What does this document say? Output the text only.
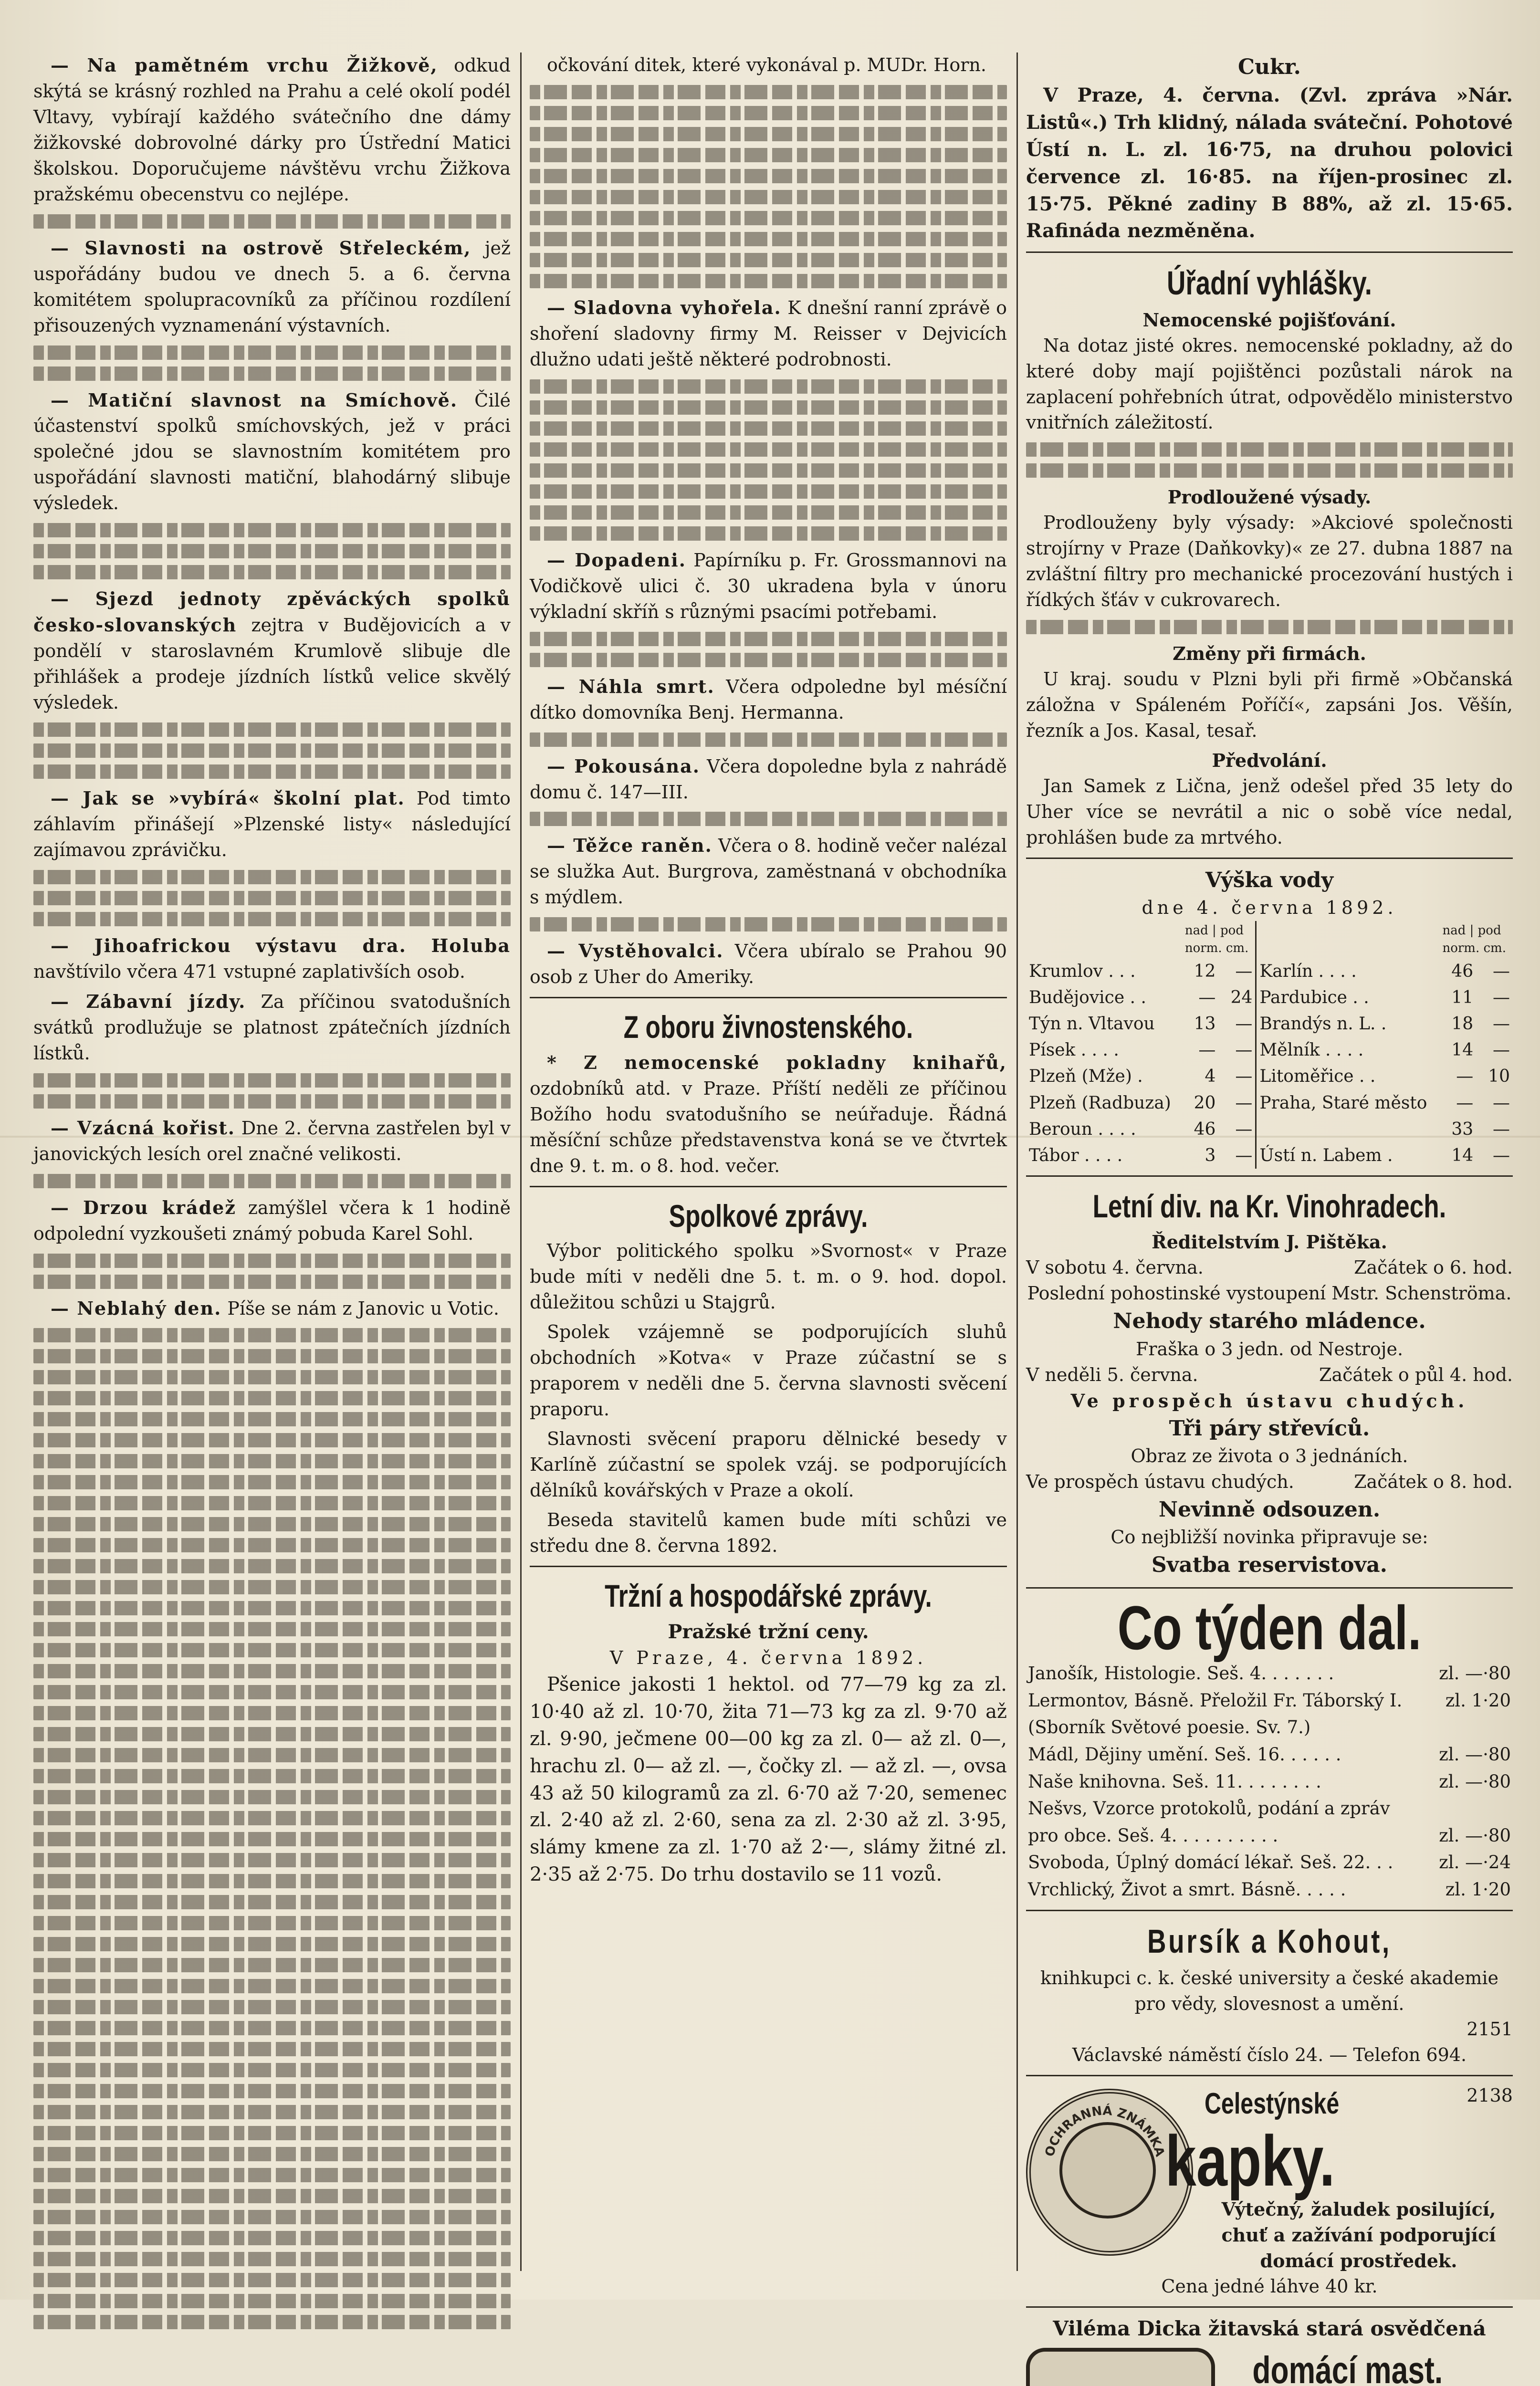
— Na pamětném vrchu Žižkově, odkud skýtá se krásný rozhled na Prahu a celé okolí podél Vltavy, vybírají každého svátečního dne dámy žižkovské dobrovolné dárky pro Ústřední Matici školskou. Doporučujeme návštěvu vrchu Žižkova pražskému obecenstvu co nejlépe.

— Slavnosti na ostrově Střeleckém, jež uspořádány budou ve dnech 5. a 6. června komitétem spolupracovníků za příčinou rozdílení přisouzených vyznamenání výstavních.

— Matiční slavnost na Smíchově. Čilé účastenství spolků smíchovských, jež v práci společné jdou se slavnostním komitétem pro uspořádání slavnosti matiční, blahodárný slibuje výsledek.

— Sjezd jednoty zpěváckých spolků česko-slovanských zejtra v Budějovicích a v pondělí v staroslavném Krumlově slibuje dle přihlášek a prodeje jízdních lístků velice skvělý výsledek.

— Jak se »vybírá« školní plat. Pod timto záhlavím přinášejí »Plzenské listy« následující zajímavou zprávičku.

— Jihoafrickou výstavu dra. Holuba navštívilo včera 471 vstupné zaplativších osob.

— Zábavní jízdy. Za příčinou svatodušních svátků prodlužuje se platnost zpátečních jízdních lístků.

— Vzácná kořist. Dne 2. června zastřelen byl v janovických lesích orel značné velikosti.

— Drzou krádež zamýšlel včera k 1 hodině odpolední vyzkoušeti známý pobuda Karel Sohl.

— Neblahý den. Píše se nám z Janovic u Votic.

očkování ditek, které vykonával p. MUDr. Horn.

— Sladovna vyhořela. K dnešní ranní zprávě o shoření sladovny firmy M. Reisser v Dejvicích dlužno udati ještě některé podrobnosti.

— Dopadeni. Papírníku p. Fr. Grossmannovi na Vodičkově ulici č. 30 ukradena byla v únoru výkladní skříň s různými psacími potřebami.

— Náhla smrt. Včera odpoledne byl mésíční dítko domovníka Benj. Hermanna.

— Pokousána. Včera dopoledne byla z nahrádě domu č. 147—III.

— Těžce raněn. Včera o 8. hodině večer nalézal se služka Aut. Burgrova, zaměstnaná v obchodníka s mýdlem.

— Vystěhovalci. Včera ubíralo se Prahou 90 osob z Uher do Ameriky.

Z oboru živnostenského.

* Z nemocenské pokladny knihařů, ozdobníků atd. v Praze. Příští neděli ze příčinou Božího hodu svatodušního se neúřaduje. Řádná měsíční schůze představenstva koná se ve čtvrtek dne 9. t. m. o 8. hod. večer.

Spolkové zprávy.

Výbor politického spolku »Svornost« v Praze bude míti v neděli dne 5. t. m. o 9. hod. dopol. důležitou schůzi u Stajgrů.

Spolek vzájemně se podporujících sluhů obchodních »Kotva« v Praze zúčastní se s praporem v neděli dne 5. června slavnosti svěcení praporu.

Slavnosti svěcení praporu dělnické besedy v Karlíně zúčastní se spolek vzáj. se podporujících dělníků kovářských v Praze a okolí.

Beseda stavitelů kamen bude míti schůzi ve středu dne 8. června 1892.

Tržní a hospodářské zprávy.
Pražské tržní ceny.
V Praze, 4. června 1892.

Pšenice jakosti 1 hektol. od 77—79 kg za zl. 10·40 až zl. 10·70, žita 71—73 kg za zl. 9·70 až zl. 9·90, ječmene 00—00 kg za zl. 0— až zl. 0—, hrachu zl. 0— až zl. —, čočky zl. — až zl. —, ovsa 43 až 50 kilogramů za zl. 6·70 až 7·20, semenec zl. 2·40 až zl. 2·60, sena za zl. 2·30 až zl. 3·95, slámy kmene za zl. 1·70 až 2·—, slámy žitné zl. 2·35 až 2·75. Do trhu dostavilo se 11 vozů.

Cukr.

V Praze, 4. června. (Zvl. zpráva »Nár. Listů«.) Trh klidný, nálada sváteční. Pohotové Ústí n. L. zl. 16·75, na druhou polovici července zl. 16·85. na říjen-prosinec zl. 15·75. Pěkné zadiny B 88%, až zl. 15·65. Rafináda nezměněna.

Úřadní vyhlášky.
Nemocenské pojišťování.

Na dotaz jisté okres. nemocenské pokladny, až do které doby mají pojištěnci pozůstali nárok na zaplacení pohřebních útrat, odpovědělo ministerstvo vnitřních záležitostí.

Prodloužené výsady.

Prodlouženy byly výsady: »Akciové společnosti strojírny v Praze (Daňkovky)« ze 27. dubna 1887 na zvláštní filtry pro mechanické procezování hustých i řídkých šťáv v cukrovarech.

Změny při firmách.

U kraj. soudu v Plzni byli při firmě »Občanská záložna v Spáleném Poříčí«, zapsáni Jos. Věšín, řezník a Jos. Kasal, tesař.

Předvolání.

Jan Samek z Lična, jenž odešel před 35 lety do Uher více se nevrátil a nic o sobě více nedal, prohlášen bude za mrtvého.

Výška vody
dne 4. června 1892.
	nad | pod
norm. cm.			nad | pod
norm. cm.	
Krumlov . . .	12	—	Karlín . . . .	46	—
Budějovice . .	—	24	Pardubice . .	11	—
Týn n. Vltavou	13	—	Brandýs n. L. .	18	—
Písek . . . .	—	—	Mělník . . . .	14	—
Plzeň (Mže) .	4	—	Litoměřice . .	—	10
Plzeň (Radbuza)	20	—	Praha, Staré město	—	—
Beroun . . . .	46	—		33	—
Tábor . . . .	3	—	Ústí n. Labem .	14	—
Letní div. na Kr. Vinohradech.
Ředitelstvím J. Pištěka.
V sobotu 4. června.	Začátek o 6. hod.
Poslední pohostinské vystoupení Mstr. Schenströma.
Nehody starého mládence.
Fraška o 3 jedn. od Nestroje.
V neděli 5. června.	Začátek o půl 4. hod.
Ve prospěch ústavu chudých.
Tři páry střevíců.
Obraz ze života o 3 jednáních.
Ve prospěch ústavu chudých.	Začátek o 8. hod.
Nevinně odsouzen.
Co nejbližší novinka připravuje se:
Svatba reservistova.
Co týden dal.
Janošík, Histologie. Seš. 4. . . . . . .	zl. —·80
Lermontov, Básně. Přeložil Fr. Táborský I.	zl. 1·20
(Sborník Světové poesie. Sv. 7.)	
Mádl, Dějiny umění. Seš. 16. . . . . .	zl. —·80
Naše knihovna. Seš. 11. . . . . . . .	zl. —·80
Nešvs, Vzorce protokolů, podání a zpráv	
pro obce. Seš. 4. . . . . . . . . .	zl. —·80
Svoboda, Úplný domácí lékař. Seš. 22. . .	zl. —·24
Vrchlický, Život a smrt. Básně. . . . .	zl. 1·20
Bursík a Kohout,
knihkupci c. k. české university a české akademie pro vědy, slovesnost a umění.
2151
Václavské náměstí číslo 24. — Telefon 694.
OCHRANNÁ ZNÁMKA
Celestýnské	2138
kapky.
Výtečný, žaludek posilující, chuť a zažívání podporující domácí prostředek.
Cena jedné láhve 40 kr.
Viléma Dicka žitavská stará osvědčená
domácí mast.
